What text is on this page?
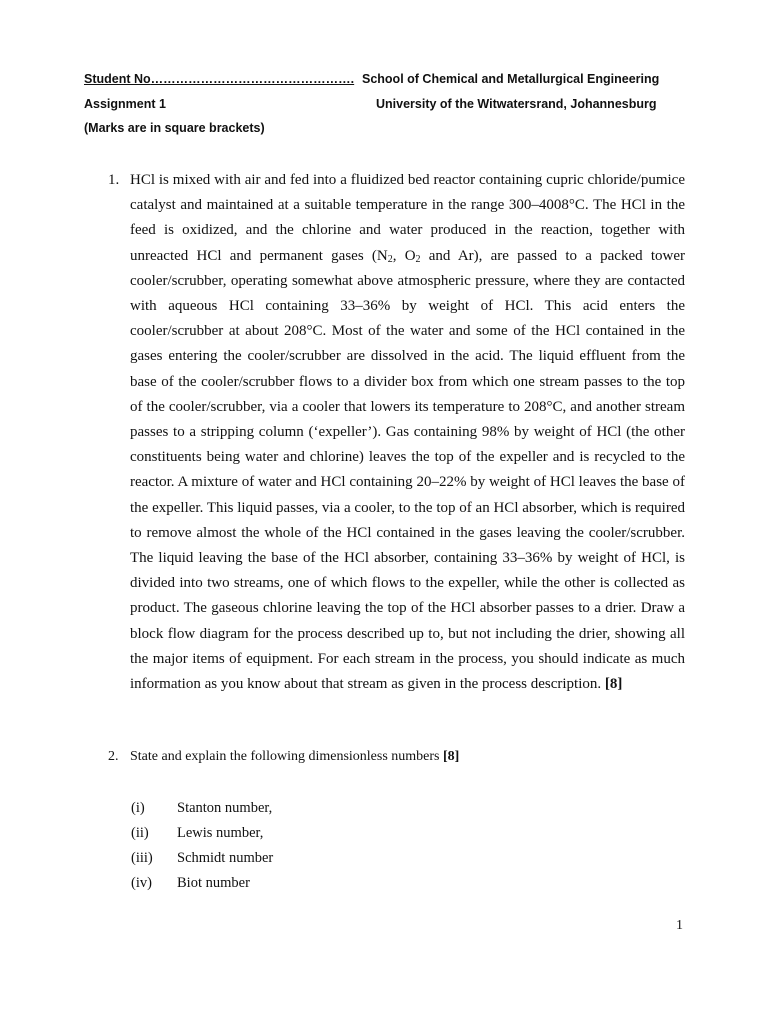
Student No…………………………………………. School of Chemical and Metallurgical Engineering
Assignment 1	University of the Witwatersrand, Johannesburg
(Marks are in square brackets)
1. HCl is mixed with air and fed into a fluidized bed reactor containing cupric chloride/pumice catalyst and maintained at a suitable temperature in the range 300–4008°C. The HCl in the feed is oxidized, and the chlorine and water produced in the reaction, together with unreacted HCl and permanent gases ($N_2$, $O_2$ and Ar), are passed to a packed tower cooler/scrubber, operating somewhat above atmospheric pressure, where they are contacted with aqueous HCl containing 33–36% by weight of HCl. This acid enters the cooler/scrubber at about 208°C. Most of the water and some of the HCl contained in the gases entering the cooler/scrubber are dissolved in the acid. The liquid effluent from the base of the cooler/scrubber flows to a divider box from which one stream passes to the top of the cooler/scrubber, via a cooler that lowers its temperature to 208°C, and another stream passes to a stripping column (‘expeller’). Gas containing 98% by weight of HCl (the other constituents being water and chlorine) leaves the top of the expeller and is recycled to the reactor. A mixture of water and HCl containing 20–22% by weight of HCl leaves the base of the expeller. This liquid passes, via a cooler, to the top of an HCl absorber, which is required to remove almost the whole of the HCl contained in the gases leaving the cooler/scrubber. The liquid leaving the base of the HCl absorber, containing 33–36% by weight of HCl, is divided into two streams, one of which flows to the expeller, while the other is collected as product. The gaseous chlorine leaving the top of the HCl absorber passes to a drier. Draw a block flow diagram for the process described up to, but not including the drier, showing all the major items of equipment. For each stream in the process, you should indicate as much information as you know about that stream as given in the process description. [8]
2. State and explain the following dimensionless numbers [8]
(i)	Stanton number,
(ii)	Lewis number,
(iii)	Schmidt number
(iv)	Biot number
1
